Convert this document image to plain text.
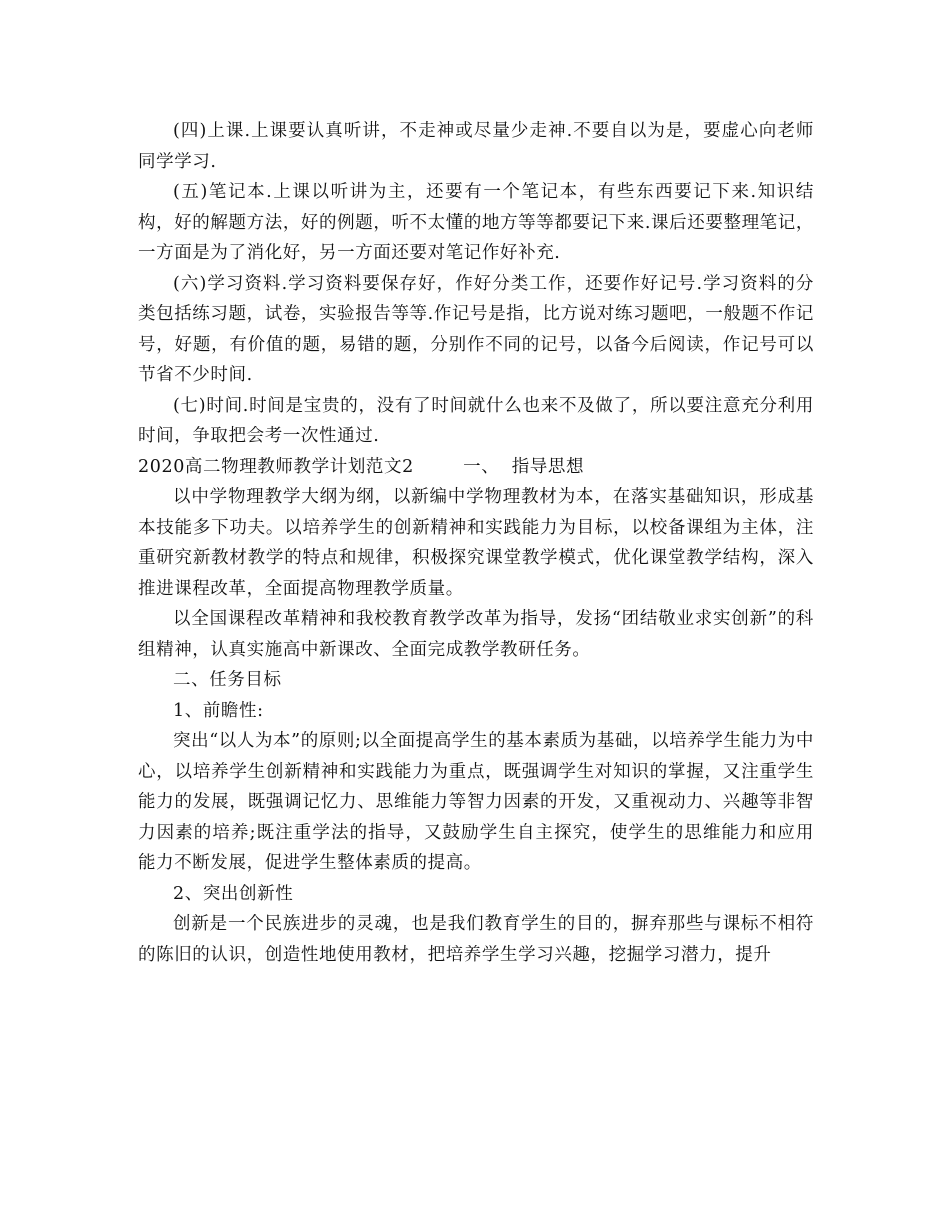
(四)上课.上课要认真听讲，不走神或尽量少走神.不要自以为是，要虚心向老师同学学习.

(五)笔记本.上课以听讲为主，还要有一个笔记本，有些东西要记下来.知识结构，好的解题方法，好的例题，听不太懂的地方等等都要记下来.课后还要整理笔记，一方面是为了消化好，另一方面还要对笔记作好补充.

(六)学习资料.学习资料要保存好，作好分类工作，还要作好记号.学习资料的分类包括练习题，试卷，实验报告等等.作记号是指，比方说对练习题吧，一般题不作记号，好题，有价值的题，易错的题，分别作不同的记号，以备今后阅读，作记号可以节省不少时间.

(七)时间.时间是宝贵的，没有了时间就什么也来不及做了，所以要注意充分利用时间，争取把会考一次性通过.

2020高二物理教师教学计划范文2        一、  指导思想

以中学物理教学大纲为纲，以新编中学物理教材为本，在落实基础知识，形成基本技能多下功夫。以培养学生的创新精神和实践能力为目标，以校备课组为主体，注重研究新教材教学的特点和规律，积极探究课堂教学模式，优化课堂教学结构，深入推进课程改革，全面提高物理教学质量。

以全国课程改革精神和我校教育教学改革为指导，发扬“团结敬业求实创新”的科组精神，认真实施高中新课改、全面完成教学教研任务。

二、任务目标

1、前瞻性:

突出“以人为本”的原则;以全面提高学生的基本素质为基础，以培养学生能力为中心，以培养学生创新精神和实践能力为重点，既强调学生对知识的掌握，又注重学生能力的发展，既强调记忆力、思维能力等智力因素的开发，又重视动力、兴趣等非智力因素的培养;既注重学法的指导，又鼓励学生自主探究，使学生的思维能力和应用能力不断发展，促进学生整体素质的提高。

2、突出创新性

创新是一个民族进步的灵魂，也是我们教育学生的目的，摒弃那些与课标不相符的陈旧的认识，创造性地使用教材，把培养学生学习兴趣，挖掘学习潜力，提升
